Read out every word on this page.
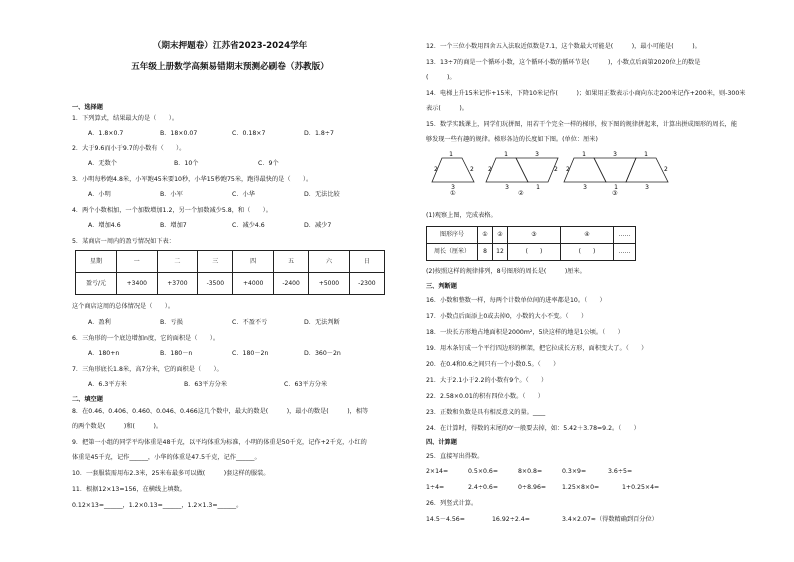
（期末押题卷）江苏省2023-2024学年
五年级上册数学高频易错期末预测必刷卷（苏教版）
一、选择题
1．下列算式，结果最大的是（　　）。
A．1.8×0.7	B．18×0.07	C．0.18×7	D．1.8÷7
2．大于9.6而小于9.7的小数有（　　）。
A．无数个	B．10个	C．9个
3．小明每秒跑4.8米，小军跑45米要10秒，小华15秒跑75米，跑得最快的是（　　）。
A．小明	B．小军	C．小华	D．无法比较
4．两个小数相加，一个加数增加1.2，另一个加数减少5.8，和（　　）。
A．增加4.6	B．增加7	C．减少4.6	D．减少7
5．某商店一周内的盈亏情况如下表：
星期	一	二	三	四	五	六	日
盈亏/元	+3400	+3700	-3500	+4000	-2400	+5000	-2300
这个商店这周的总体情况是（　　）。
A．盈利	B．亏损	C．不盈不亏	D．无法判断
6．三角形的一个底边增加n度，它的面积是（　　）。
A．180+n	B．180－n	C．180－2n	D．360－2n
7．三角形底长1.8米，高7分米，它的面积是（　　）。
A．6.3平方米	B．63平方分米	C．63平方分米
二、填空题
8．在0.46、0.406、0.460、0.046、0.466这几个数中，最大的数是(　　　)，最小的数是(　　　)，相等
的两个数是(　　　)和(　　　)。
9．把第一小组的同学平均体重是48千克，以平均体重为标准，小明的体重是50千克，记作+2千克，小红的
体重是45千克，记作______，小华的体重是47.5千克，记作______。
10．一套服装需用布2.3米，25米布最多可以做(　　　)套这样的服装。
11．根据12×13=156，在横线上填数。
0.12×13=______，1.2×0.13=______，1.2×1.3=______。
12．一个三位小数用四舍五入法取近似数是7.1，这个数最大可能是(　　　)，最小可能是(　　　)。
13．13÷7的商是一个循环小数，这个循环小数的循环节是(　　　)，小数点后面第2020位上的数是
(　　　)。
14．电梯上升15米记作+15米，下降10米记作(　　　)；如果用正数表示小商向东走200米记作+200米，则-300米
表示(　　　)。
15．数学实践课上，同学们玩拼图，用若干个完全一样的梯形，按下图的规律拼起来，计算出拼成图形的周长，能
够发现一些有趣的规律。梯形各边的长度如下图。(单位：厘米)
1
2	2
3
①
1	3
2	2
3	1
②
1	3	1
2	2
3	1	3
③
(1)观察上图，完成表格。
图形序号	①	②	③	④	……
周长（厘米）	8	12	(　　)	(　　)	……
(2)按照这样的规律排列，8号图形的周长是(　　　)厘米。
三、判断题
16．小数和整数一样，每两个计数单位间的进率都是10。（　　）
17．小数点后面添上0或去掉0，小数的大小不变。（　　）
18．一块长方形地占地面积是2000m²，5块这样的地是1公顷。（　　）
19．用木条钉成一个平行四边形的框架，把它拉成长方形，面积变大了。（　　）
20．在0.4和0.6之间只有一个小数0.5。（　　）
21．大于2.1小于2.2的小数有9个。（　　）
22．2.58×0.01的积有四位小数。（　　）
23．正数和负数是具有相反意义的量。____
24．在计算时，得数的末尾的0'一般要去掉，如：5.42＋3.78=9.2。（　　）
四、计算题
25．直接写出得数。
2×14=	0.5×0.6=	8×0.8=	0.3×9=	3.6÷5=
1÷4=	2.4÷0.6=	0÷8.96=	1.25×8×0=	1+0.25×4=
26．列竖式计算。
14.5－4.56=	16.92÷2.4=	3.4×2.07≈（得数精确到百分位）
